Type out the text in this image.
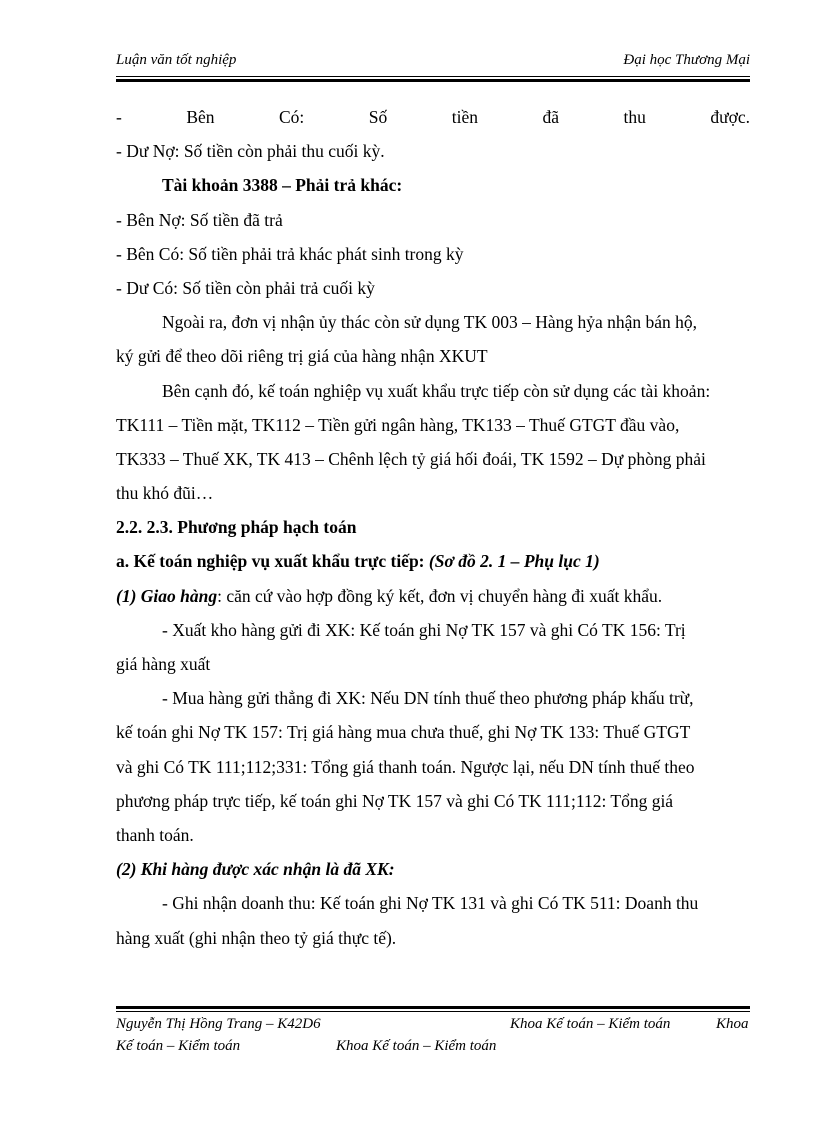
Luận văn tốt nghiệp	Đại học Thương Mại
-	Bên	Có:	Số	tiền	đã	thu	được.
- Dư Nợ: Số tiền còn phải thu cuối kỳ.
Tài khoản 3388 – Phải trả khác:
- Bên Nợ: Số tiền đã trả
- Bên Có: Số tiền phải trả khác phát sinh trong kỳ
- Dư Có: Số tiền còn phải trả cuối kỳ
Ngoài ra, đơn vị nhận ủy thác còn sử dụng TK 003 – Hàng hỷa nhận bán hộ,
ký gửi để theo dõi riêng trị giá của hàng nhận XKUT
Bên cạnh đó, kế toán nghiệp vụ xuất khẩu trực tiếp còn sử dụng các tài khoản:
TK111 – Tiền mặt, TK112 – Tiền gửi ngân hàng, TK133 – Thuế GTGT đầu vào,
TK333 – Thuế XK, TK 413 – Chênh lệch tỷ giá hối đoái, TK 1592 – Dự phòng phải
thu khó đũi…
2.2. 2.3. Phương pháp hạch toán
a. Kế toán nghiệp vụ xuất khẩu trực tiếp: (Sơ đồ 2. 1 – Phụ lục 1)
(1) Giao hàng: căn cứ vào hợp đồng ký kết, đơn vị chuyển hàng đi xuất khẩu.
- Xuất kho hàng gửi đi XK: Kế toán ghi Nợ TK 157 và ghi Có TK 156: Trị
giá hàng xuất
- Mua hàng gửi thẳng đi XK: Nếu DN tính thuế theo phương pháp khấu trừ,
kế toán ghi Nợ TK 157: Trị giá hàng mua chưa thuế, ghi Nợ TK 133: Thuế GTGT
và ghi Có TK 111;112;331: Tổng giá thanh toán. Ngược lại, nếu DN tính thuế theo
phương pháp trực tiếp, kế toán ghi Nợ TK 157 và ghi Có TK 111;112: Tổng giá
thanh toán.
(2) Khi hàng được xác nhận là đã XK:
- Ghi nhận doanh thu: Kế toán ghi Nợ TK 131 và ghi Có TK 511: Doanh thu
hàng xuất (ghi nhận theo tỷ giá thực tế).
Nguyễn Thị Hồng Trang – K42D6	Khoa Kế toán – Kiểm toán	Khoa
Kế toán – Kiểm toán	Khoa Kế toán – Kiểm toán
